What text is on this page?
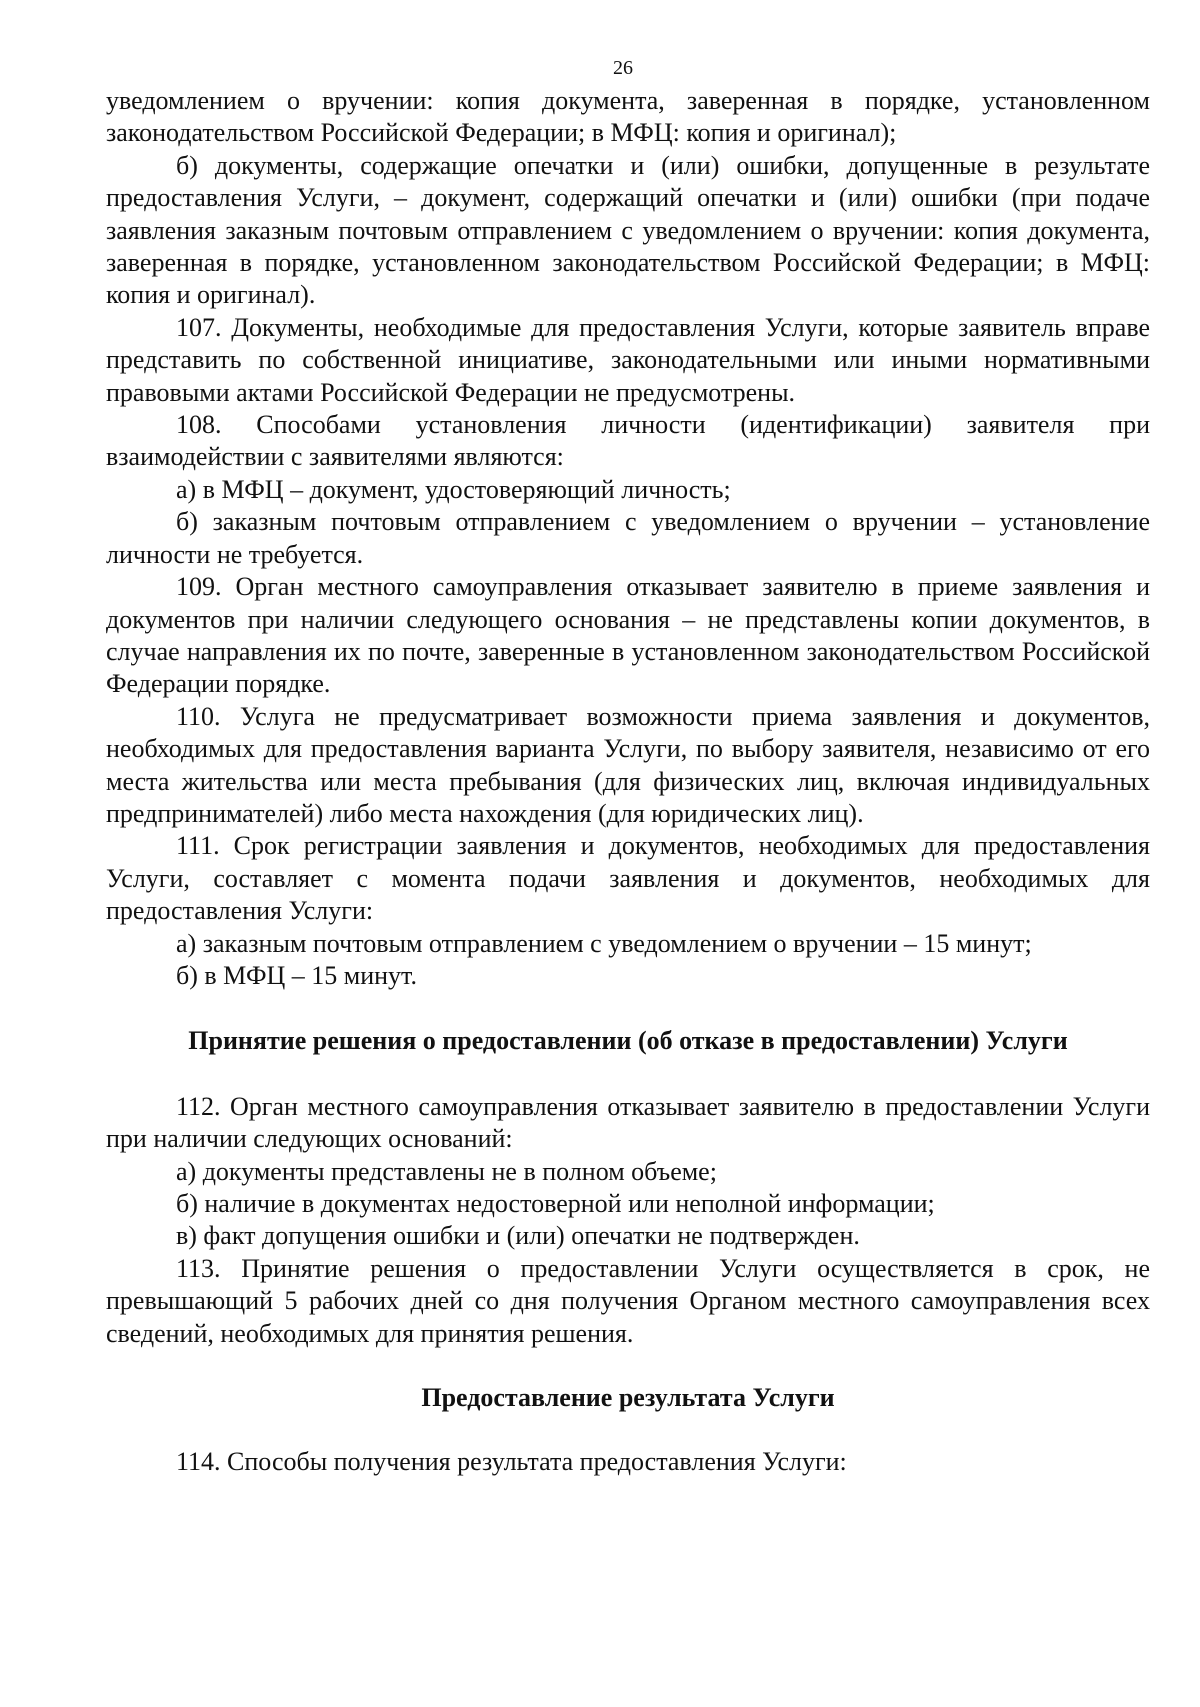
26

уведомлением о вручении: копия документа, заверенная в порядке, установленном законодательством Российской Федерации; в МФЦ: копия и оригинал);

б) документы, содержащие опечатки и (или) ошибки, допущенные в результате предоставления Услуги, – документ, содержащий опечатки и (или) ошибки (при подаче заявления заказным почтовым отправлением с уведомлением о вручении: копия документа, заверенная в порядке, установленном законодательством Российской Федерации; в МФЦ: копия и оригинал).

107. Документы, необходимые для предоставления Услуги, которые заявитель вправе представить по собственной инициативе, законодательными или иными нормативными правовыми актами Российской Федерации не предусмотрены.

108. Способами установления личности (идентификации) заявителя при взаимодействии с заявителями являются:

а) в МФЦ – документ, удостоверяющий личность;

б) заказным почтовым отправлением с уведомлением о вручении – установление личности не требуется.

109. Орган местного самоуправления отказывает заявителю в приеме заявления и документов при наличии следующего основания – не представлены копии документов, в случае направления их по почте, заверенные в установленном законодательством Российской Федерации порядке.

110. Услуга не предусматривает возможности приема заявления и документов, необходимых для предоставления варианта Услуги, по выбору заявителя, независимо от его места жительства или места пребывания (для физических лиц, включая индивидуальных предпринимателей) либо места нахождения (для юридических лиц).

111. Срок регистрации заявления и документов, необходимых для предоставления Услуги, составляет с момента подачи заявления и документов, необходимых для предоставления Услуги:

а) заказным почтовым отправлением с уведомлением о вручении – 15 минут;

б) в МФЦ – 15 минут.

Принятие решения о предоставлении (об отказе в предоставлении) Услуги

112. Орган местного самоуправления отказывает заявителю в предоставлении Услуги при наличии следующих оснований:

а) документы представлены не в полном объеме;

б) наличие в документах недостоверной или неполной информации;

в) факт допущения ошибки и (или) опечатки не подтвержден.

113. Принятие решения о предоставлении Услуги осуществляется в срок, не превышающий 5 рабочих дней со дня получения Органом местного самоуправления всех сведений, необходимых для принятия решения.

Предоставление результата Услуги

114. Способы получения результата предоставления Услуги:
